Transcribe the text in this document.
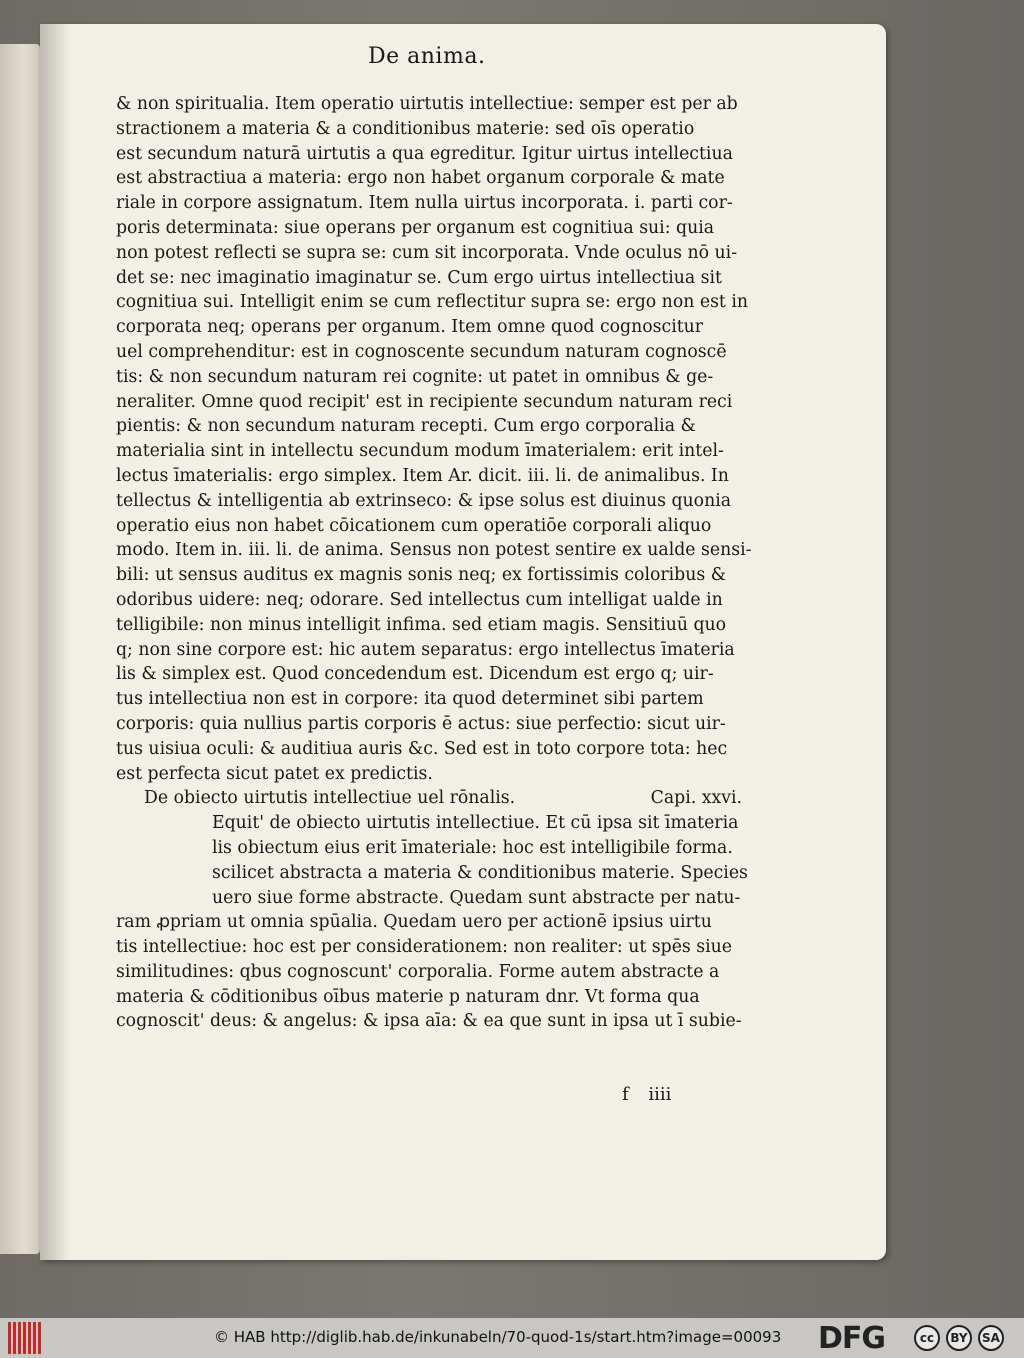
De anima.
& non spiritualia. Item operatio uirtutis intellectiue: semper est per ab
stractionem a materia & a conditionibus materie: sed oīs operatio
est secundum naturā uirtutis a qua egreditur. Igitur uirtus intellectiua
est abstractiua a materia: ergo non habet organum corporale & mate
riale in corpore assignatum. Item nulla uirtus incorporata. i. parti cor-
poris determinata: siue operans per organum est cognitiua sui: quia
non potest reflecti se supra se: cum sit incorporata. Vnde oculus nō ui-
det se: nec imaginatio imaginatur se. Cum ergo uirtus intellectiua sit
cognitiua sui. Intelligit enim se cum reflectitur supra se: ergo non est in
corporata neq; operans per organum. Item omne quod cognoscitur
uel comprehenditur: est in cognoscente secundum naturam cognoscē
tis: & non secundum naturam rei cognite: ut patet in omnibus & ge-
neraliter. Omne quod recipit' est in recipiente secundum naturam reci
pientis: & non secundum naturam recepti. Cum ergo corporalia &
materialia sint in intellectu secundum modum īmaterialem: erit intel-
lectus īmaterialis: ergo simplex. Item Ar. dicit. iii. li. de animalibus. In
tellectus & intelligentia ab extrinseco: & ipse solus est diuinus quonia
operatio eius non habet cōicationem cum operatiōe corporali aliquo
modo. Item in. iii. li. de anima. Sensus non potest sentire ex ualde sensi-
bili: ut sensus auditus ex magnis sonis neq; ex fortissimis coloribus &
odoribus uidere: neq; odorare. Sed intellectus cum intelligat ualde in
telligibile: non minus intelligit infima. sed etiam magis. Sensitiuū quo
q; non sine corpore est: hic autem separatus: ergo intellectus īmateria
lis & simplex est. Quod concedendum est. Dicendum est ergo q; uir-
tus intellectiua non est in corpore: ita quod determinet sibi partem
corporis: quia nullius partis corporis ē actus: siue perfectio: sicut uir-
tus uisiua oculi: & auditiua auris &c. Sed est in toto corpore tota: hec
est perfecta sicut patet ex predictis.
De obiecto uirtutis intellectiue uel rōnalis.	Capi. xxvi.
Equit' de obiecto uirtutis intellectiue. Et cū ipsa sit īmateria
lis obiectum eius erit īmateriale: hoc est intelligibile forma.
scilicet abstracta a materia & conditionibus materie. Species
uero siue forme abstracte. Quedam sunt abstracte per natu-
ram ꝓpriam ut omnia spūalia. Quedam uero per actionē ipsius uirtu
tis intellectiue: hoc est per considerationem: non realiter: ut spēs siue
similitudines: qbus cognoscunt' corporalia. Forme autem abstracte a
materia & cōditionibus oībus materie p naturam dnr. Vt forma qua
cognoscit' deus: & angelus: & ipsa aīa: & ea que sunt in ipsa ut ī subie-
f iiii
© HAB http://diglib.hab.de/inkunabeln/70-quod-1s/start.htm?image=00093 DFG	cc	BY	SA
